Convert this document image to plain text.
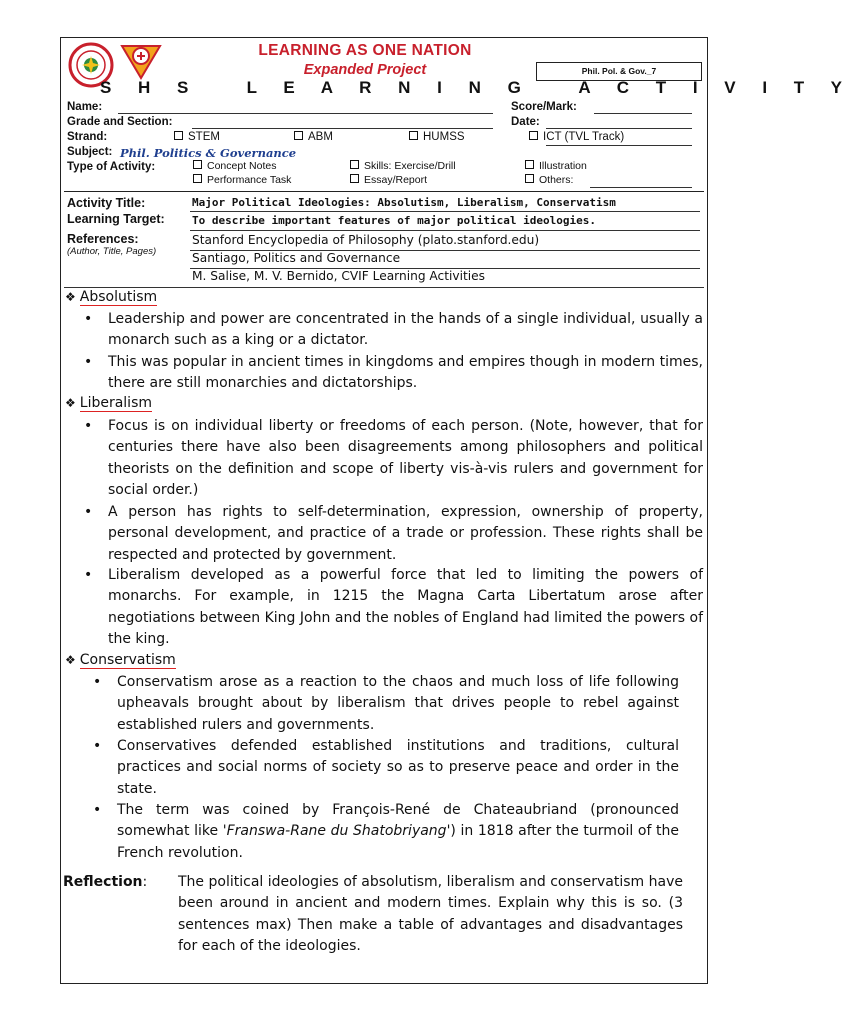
LEARNING AS ONE NATION
Expanded Project	Phil. Pol. & Gov._7
S H S   L E A R N I N G   A C T I V I T Y
Name:	Score/Mark:
Grade and Section:	Date:
Strand:	STEM	ABM	HUMSS	ICT (TVL Track)
Subject: Phil. Politics & Governance
Type of Activity:	Concept Notes	Skills: Exercise/Drill	Illustration
Performance Task	Essay/Report	Others:
Activity Title:	Major Political Ideologies: Absolutism, Liberalism, Conservatism
Learning Target: To describe important features of major political ideologies.
References:
(Author, Title, Pages)
Stanford Encyclopedia of Philosophy (plato.stanford.edu)
Santiago, Politics and Governance
M. Salise, M. V. Bernido, CVIF Learning Activities
❖ Absolutism
• Leadership and power are concentrated in the hands of a single individual, usually a monarch such as a king or a dictator.
• This was popular in ancient times in kingdoms and empires though in modern times, there are still monarchies and dictatorships.
❖ Liberalism
• Focus is on individual liberty or freedoms of each person. (Note, however, that for centuries there have also been disagreements among philosophers and political theorists on the definition and scope of liberty vis-à-vis rulers and government for social order.)
• A person has rights to self-determination, expression, ownership of property, personal development, and practice of a trade or profession. These rights shall be respected and protected by government.
• Liberalism developed as a powerful force that led to limiting the powers of monarchs. For example, in 1215 the Magna Carta Libertatum arose after negotiations between King John and the nobles of England had limited the powers of the king.
❖ Conservatism
• Conservatism arose as a reaction to the chaos and much loss of life following upheavals brought about by liberalism that drives people to rebel against established rulers and governments.
• Conservatives defended established institutions and traditions, cultural practices and social norms of society so as to preserve peace and order in the state.
• The term was coined by François-René de Chateaubriand (pronounced somewhat like 'Franswa-Rane du Shatobriyang') in 1818 after the turmoil of the French revolution.
Reflection: The political ideologies of absolutism, liberalism and conservatism have been around in ancient and modern times. Explain why this is so. (3 sentences max) Then make a table of advantages and disadvantages for each of the ideologies.
